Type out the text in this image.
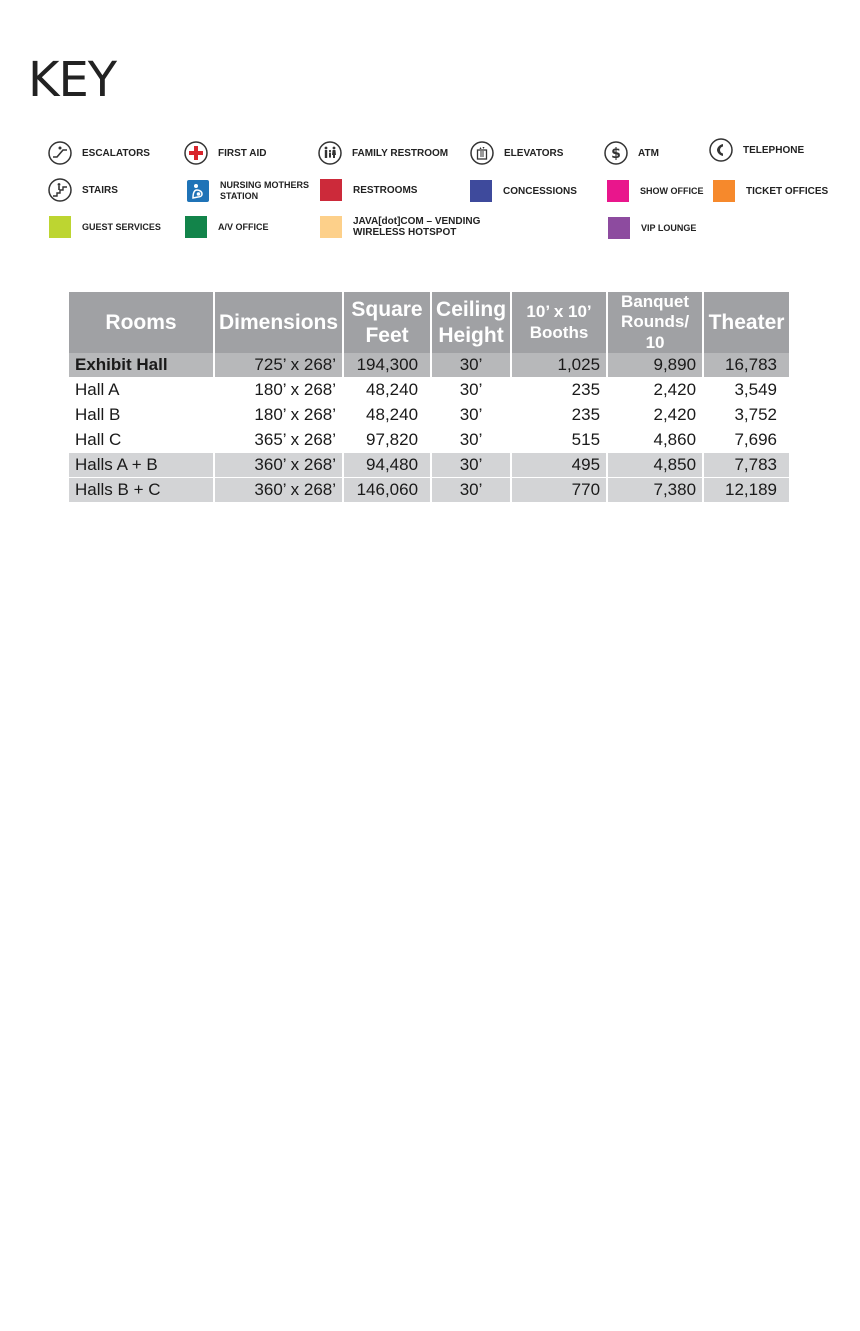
KEY
ESCALATORS	FIRST AID	FAMILY RESTROOM	ELEVATORS	$ ATM	TELEPHONE
STAIRS	NURSING MOTHERS STATION
RESTROOMS	CONCESSIONS	SHOW OFFICE	TICKET OFFICES
GUEST SERVICES	A/V OFFICE	JAVA[dot]COM – VENDING WIRELESS HOTSPOT	VIP LOUNGE
Rooms	Dimensions	Square Feet	Ceiling Height	10’ x 10’ Booths	Banquet Rounds/ 10	Theater
Exhibit Hall	725’ x 268’	194,300	30’	1,025	9,890	16,783
Hall A	180’ x 268’	48,240	30’	235	2,420	3,549
Hall B	180’ x 268’	48,240	30’	235	2,420	3,752
Hall C	365’ x 268’	97,820	30’	515	4,860	7,696
Halls A + B	360’ x 268’	94,480	30’	495	4,850	7,783
Halls B + C	360’ x 268’	146,060	30’	770	7,380	12,189
